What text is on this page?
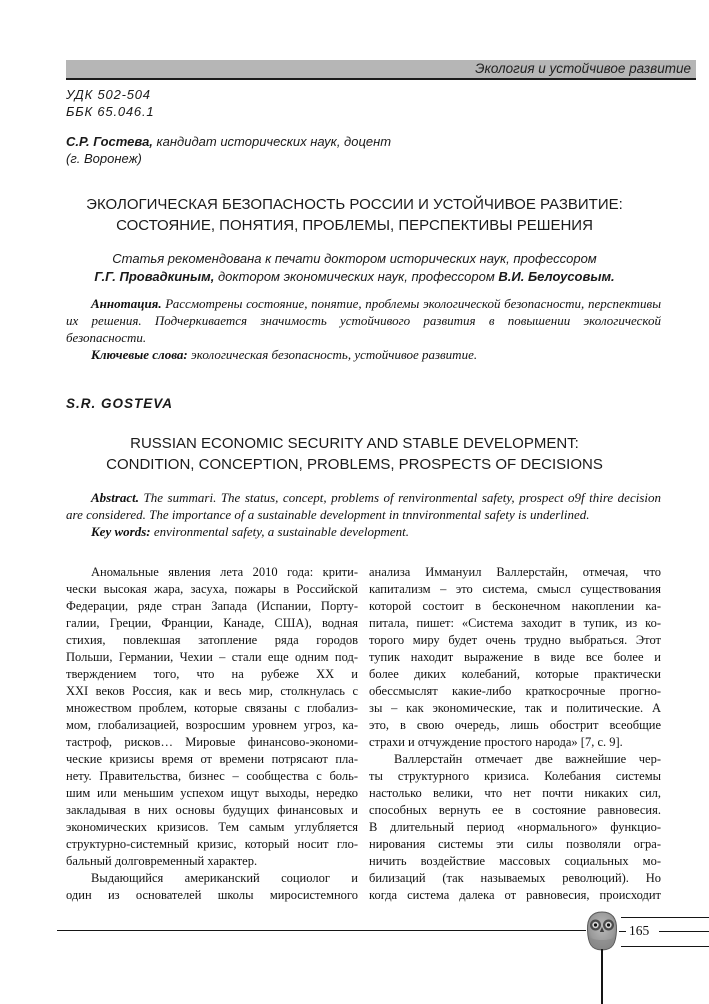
Экология и устойчивое развитие
УДК 502-504
ББК 65.046.1
С.Р. Гостева, кандидат исторических наук, доцент
(г. Воронеж)
ЭКОЛОГИЧЕСКАЯ БЕЗОПАСНОСТЬ РОССИИ И УСТОЙЧИВОЕ РАЗВИТИЕ:
СОСТОЯНИЕ, ПОНЯТИЯ, ПРОБЛЕМЫ, ПЕРСПЕКТИВЫ РЕШЕНИЯ
Статья рекомендована к печати доктором исторических наук, профессором
Г.Г. Провадкиным, доктором экономических наук, профессором В.И. Белоусовым.

Аннотация. Рассмотрены состояние, понятие, проблемы экологической безопасности, перспективы их решения. Подчеркивается значимость устойчивого развития в повышении экологической безопасности.

Ключевые слова: экологическая безопасность, устойчивое развитие.

S.R. GOSTEVA
RUSSIAN ECONOMIC SECURITY AND STABLE DEVELOPMENT:
CONDITION, CONCEPTION, PROBLEMS, PROSPECTS OF DECISIONS

Abstract. The summari. The status, concept, problems of renvironmental safety, prospect o9f thire decision are considered. The importance of a sustainable development in tnnvironmental safety is underlined.

Key words: environmental safety, a sustainable development.

Аномальные явления лета 2010 года: крити-
чески высокая жара, засуха, пожары в Российской
Федерации, ряде стран Запада (Испании, Порту-
галии, Греции, Франции, Канаде, США), водная
стихия, повлекшая затопление ряда городов
Польши, Германии, Чехии – стали еще одним под-
тверждением того, что на рубеже XX и
XXI веков Россия, как и весь мир, столкнулась с
множеством проблем, которые связаны с глобализ-
мом, глобализацией, возросшим уровнем угроз, ка-
тастроф, рисков… Мировые финансово-экономи-
ческие кризисы время от времени потрясают пла-
нету. Правительства, бизнес – сообщества с боль-
шим или меньшим успехом ищут выходы, нередко
закладывая в них основы будущих финансовых и
экономических кризисов. Тем самым углубляется
структурно-системный кризис, который носит гло-
бальный долговременный характер.
Выдающийся американский социолог и
один из основателей школы миросистемного
анализа Иммануил Валлерстайн, отмечая, что
капитализм – это система, смысл существования
которой состоит в бесконечном накоплении ка-
питала, пишет: «Система заходит в тупик, из ко-
торого миру будет очень трудно выбраться. Этот
тупик находит выражение в виде все более и
более диких колебаний, которые практически
обессмыслят какие-либо краткосрочные прогно-
зы – как экономические, так и политические. А
это, в свою очередь, лишь обострит всеобщие
страхи и отчуждение простого народа» [7, с. 9].
Валлерстайн отмечает две важнейшие чер-
ты структурного кризиса. Колебания системы
настолько велики, что нет почти никаких сил,
способных вернуть ее в состояние равновесия.
В длительный период «нормального» функцио-
нирования системы эти силы позволяли огра-
ничить воздействие массовых социальных мо-
билизаций (так называемых революций). Но
когда система далека от равновесия, происходит
165
